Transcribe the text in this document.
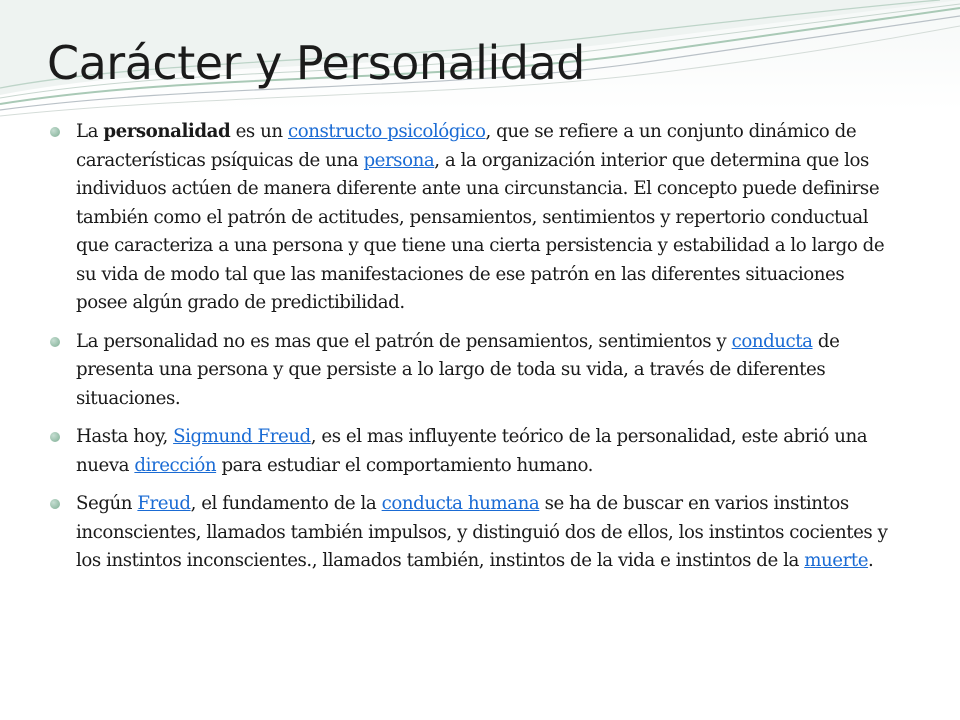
Carácter y Personalidad

La personalidad es un constructo psicológico, que se refiere a un conjunto dinámico de características psíquicas de una persona, a la organización interior que determina que los individuos actúen de manera diferente ante una circunstancia. El concepto puede definirse también como el patrón de actitudes, pensamientos, sentimientos y repertorio conductual que caracteriza a una persona y que tiene una cierta persistencia y estabilidad a lo largo de su vida de modo tal que las manifestaciones de ese patrón en las diferentes situaciones posee algún grado de predictibilidad.

La personalidad no es mas que el patrón de pensamientos, sentimientos y conducta de presenta una persona y que persiste a lo largo de toda su vida, a través de diferentes situaciones.

Hasta hoy, Sigmund Freud, es el mas influyente teórico de la personalidad, este abrió una nueva dirección para estudiar el comportamiento humano.

Según Freud, el fundamento de la conducta humana se ha de buscar en varios instintos inconscientes, llamados también impulsos, y distinguió dos de ellos, los instintos cocientes y los instintos inconscientes., llamados también, instintos de la vida e instintos de la muerte.
